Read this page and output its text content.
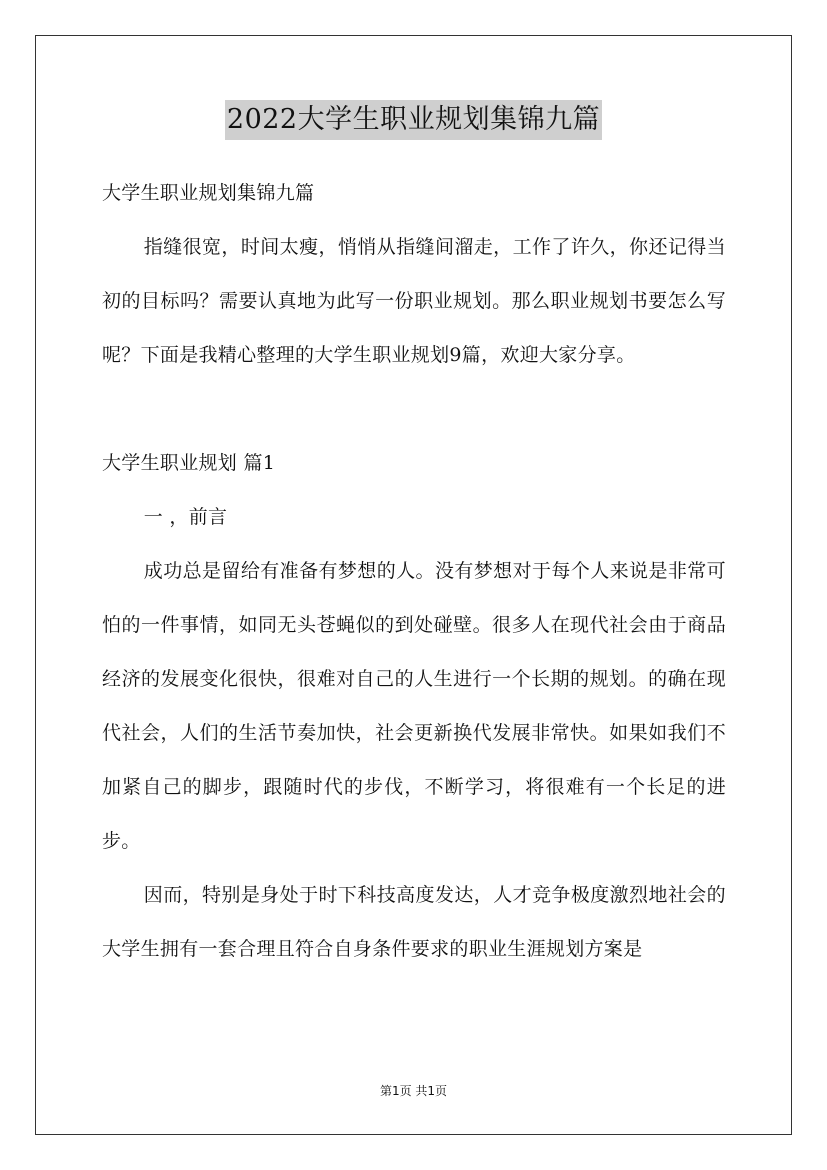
2022大学生职业规划集锦九篇

大学生职业规划集锦九篇

指缝很宽，时间太瘦，悄悄从指缝间溜走，工作了许久，你还记得当初的目标吗？需要认真地为此写一份职业规划。那么职业规划书要怎么写呢？下面是我精心整理的大学生职业规划9篇，欢迎大家分享。

大学生职业规划 篇1

一 ，前言

成功总是留给有准备有梦想的人。没有梦想对于每个人来说是非常可怕的一件事情，如同无头苍蝇似的到处碰壁。很多人在现代社会由于商品经济的发展变化很快，很难对自己的人生进行一个长期的规划。的确在现代社会，人们的生活节奏加快，社会更新换代发展非常快。如果如我们不加紧自己的脚步，跟随时代的步伐，不断学习，将很难有一个长足的进步。

因而，特别是身处于时下科技高度发达，人才竞争极度激烈地社会的大学生拥有一套合理且符合自身条件要求的职业生涯规划方案是

第1页 共1页
